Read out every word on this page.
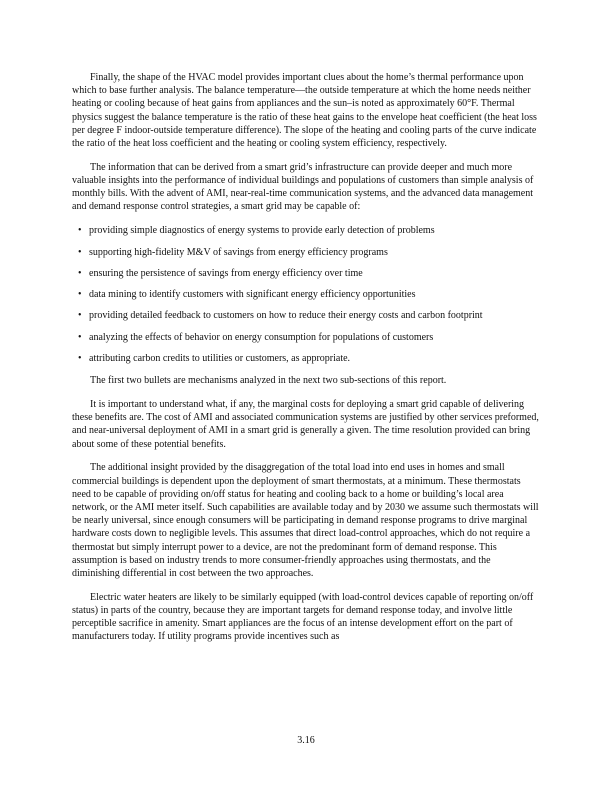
Finally, the shape of the HVAC model provides important clues about the home’s thermal performance upon which to base further analysis. The balance temperature—the outside temperature at which the home needs neither heating or cooling because of heat gains from appliances and the sun–is noted as approximately 60°F. Thermal physics suggest the balance temperature is the ratio of these heat gains to the envelope heat coefficient (the heat loss per degree F indoor-outside temperature difference). The slope of the heating and cooling parts of the curve indicate the ratio of the heat loss coefficient and the heating or cooling system efficiency, respectively.

The information that can be derived from a smart grid’s infrastructure can provide deeper and much more valuable insights into the performance of individual buildings and populations of customers than simple analysis of monthly bills. With the advent of AMI, near-real-time communication systems, and the advanced data management and demand response control strategies, a smart grid may be capable of:

• providing simple diagnostics of energy systems to provide early detection of problems
• supporting high-fidelity M&V of savings from energy efficiency programs
• ensuring the persistence of savings from energy efficiency over time
• data mining to identify customers with significant energy efficiency opportunities
• providing detailed feedback to customers on how to reduce their energy costs and carbon footprint
• analyzing the effects of behavior on energy consumption for populations of customers
• attributing carbon credits to utilities or customers, as appropriate.

The first two bullets are mechanisms analyzed in the next two sub-sections of this report.

It is important to understand what, if any, the marginal costs for deploying a smart grid capable of delivering these benefits are. The cost of AMI and associated communication systems are justified by other services preformed, and near-universal deployment of AMI in a smart grid is generally a given. The time resolution provided can bring about some of these potential benefits.

The additional insight provided by the disaggregation of the total load into end uses in homes and small commercial buildings is dependent upon the deployment of smart thermostats, at a minimum. These thermostats need to be capable of providing on/off status for heating and cooling back to a home or building’s local area network, or the AMI meter itself. Such capabilities are available today and by 2030 we assume such thermostats will be nearly universal, since enough consumers will be participating in demand response programs to drive marginal hardware costs down to negligible levels. This assumes that direct load-control approaches, which do not require a thermostat but simply interrupt power to a device, are not the predominant form of demand response. This assumption is based on industry trends to more consumer-friendly approaches using thermostats, and the diminishing differential in cost between the two approaches.

Electric water heaters are likely to be similarly equipped (with load-control devices capable of reporting on/off status) in parts of the country, because they are important targets for demand response today, and involve little perceptible sacrifice in amenity. Smart appliances are the focus of an intense development effort on the part of manufacturers today. If utility programs provide incentives such as

3.16
